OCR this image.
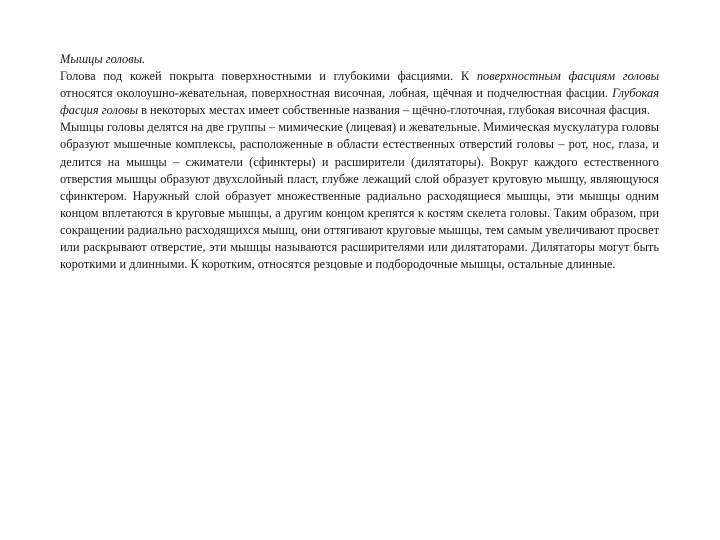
Мышцы головы.

Голова под кожей покрыта поверхностными и глубокими фасциями. К поверхностным фасциям головы относятся околоушно-жевательная, поверхностная височная, лобная, щёчная и подчелюстная фасции. Глубокая фасция головы в некоторых местах имеет собственные названия – щёчно-глоточная, глубокая височная фасция.

Мышцы головы делятся на две группы – мимические (лицевая) и жевательные. Мимическая мускулатура головы образуют мышечные комплексы, расположенные в области естественных отверстий головы – рот, нос, глаза, и делится на мышцы – сжиматели (сфинктеры) и расширители (дилятаторы). Вокруг каждого естественного отверстия мышцы образуют двухслойный пласт, глубже лежащий слой образует круговую мышцу, являющуюся сфинктером. Наружный слой образует множественные радиально расходящиеся мышцы, эти мышцы одним концом вплетаются в круговые мышцы, а другим концом крепятся к костям скелета головы. Таким образом, при сокращении радиально расходящихся мышц, они оттягивают круговые мышцы, тем самым увеличивают просвет или раскрывают отверстие, эти мышцы называются расширителями или дилятаторами. Дилятаторы могут быть короткими и длинными. К коротким, относятся резцовые и подбородочные мышцы, остальные длинные.
